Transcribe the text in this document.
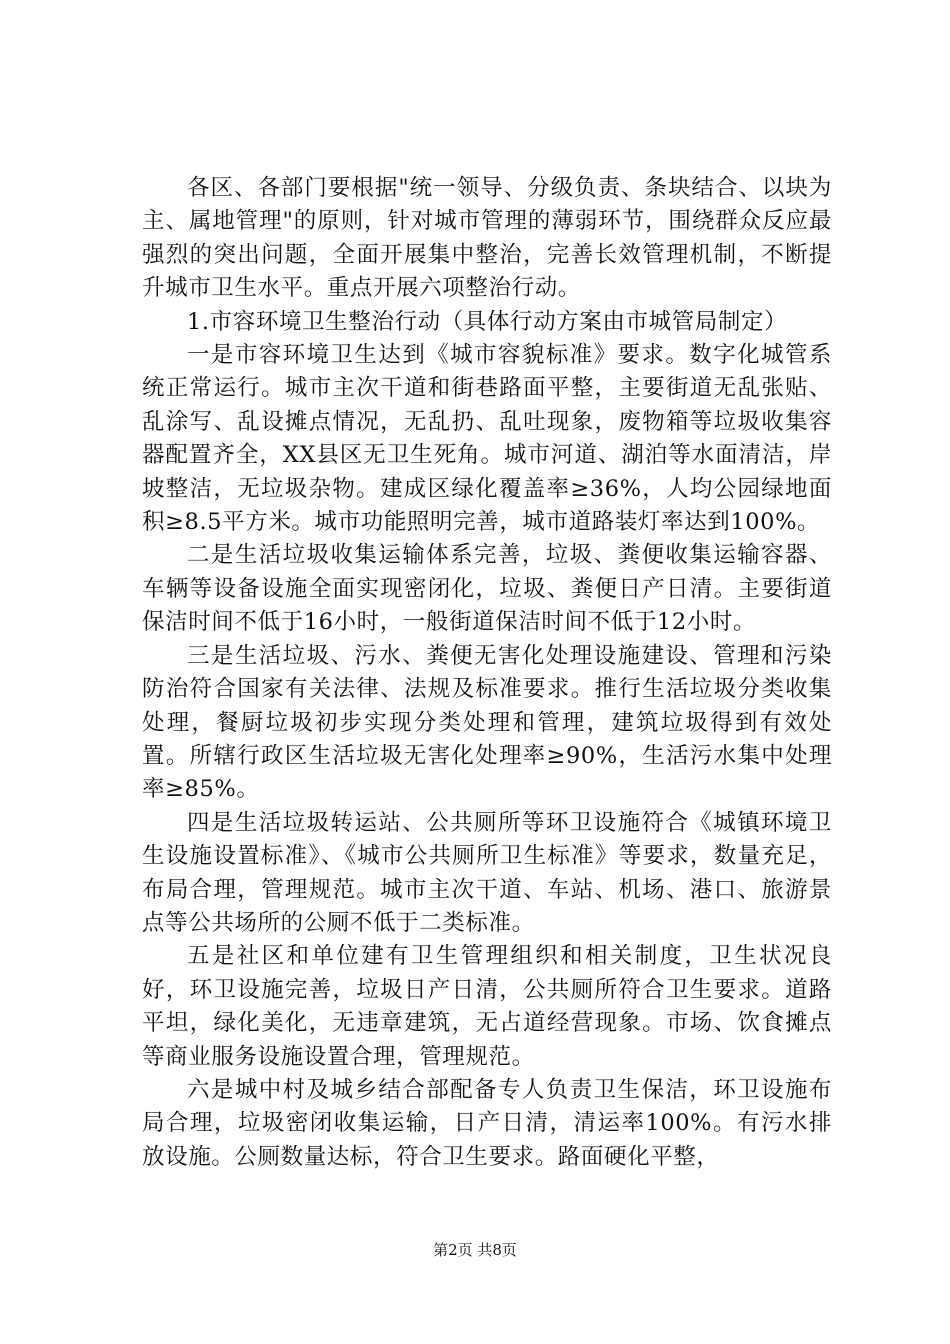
各区、各部门要根据"统一领导、分级负责、条块结合、以块为主、属地管理"的原则，针对城市管理的薄弱环节，围绕群众反应最强烈的突出问题，全面开展集中整治，完善长效管理机制，不断提升城市卫生水平。重点开展六项整治行动。

1.市容环境卫生整治行动（具体行动方案由市城管局制定）

一是市容环境卫生达到《城市容貌标准》要求。数字化城管系统正常运行。城市主次干道和街巷路面平整，主要街道无乱张贴、乱涂写、乱设摊点情况，无乱扔、乱吐现象，废物箱等垃圾收集容器配置齐全，XX县区无卫生死角。城市河道、湖泊等水面清洁，岸坡整洁，无垃圾杂物。建成区绿化覆盖率≥36%，人均公园绿地面积≥8.5平方米。城市功能照明完善，城市道路装灯率达到100%。

二是生活垃圾收集运输体系完善，垃圾、粪便收集运输容器、车辆等设备设施全面实现密闭化，垃圾、粪便日产日清。主要街道保洁时间不低于16小时，一般街道保洁时间不低于12小时。

三是生活垃圾、污水、粪便无害化处理设施建设、管理和污染防治符合国家有关法律、法规及标准要求。推行生活垃圾分类收集处理，餐厨垃圾初步实现分类处理和管理，建筑垃圾得到有效处置。所辖行政区生活垃圾无害化处理率≥90%，生活污水集中处理率≥85%。

四是生活垃圾转运站、公共厕所等环卫设施符合《城镇环境卫生设施设置标准》、《城市公共厕所卫生标准》等要求，数量充足，布局合理，管理规范。城市主次干道、车站、机场、港口、旅游景点等公共场所的公厕不低于二类标准。

五是社区和单位建有卫生管理组织和相关制度，卫生状况良好，环卫设施完善，垃圾日产日清，公共厕所符合卫生要求。道路平坦，绿化美化，无违章建筑，无占道经营现象。市场、饮食摊点等商业服务设施设置合理，管理规范。

六是城中村及城乡结合部配备专人负责卫生保洁，环卫设施布局合理，垃圾密闭收集运输，日产日清，清运率100%。有污水排放设施。公厕数量达标，符合卫生要求。路面硬化平整，

第2页 共8页
